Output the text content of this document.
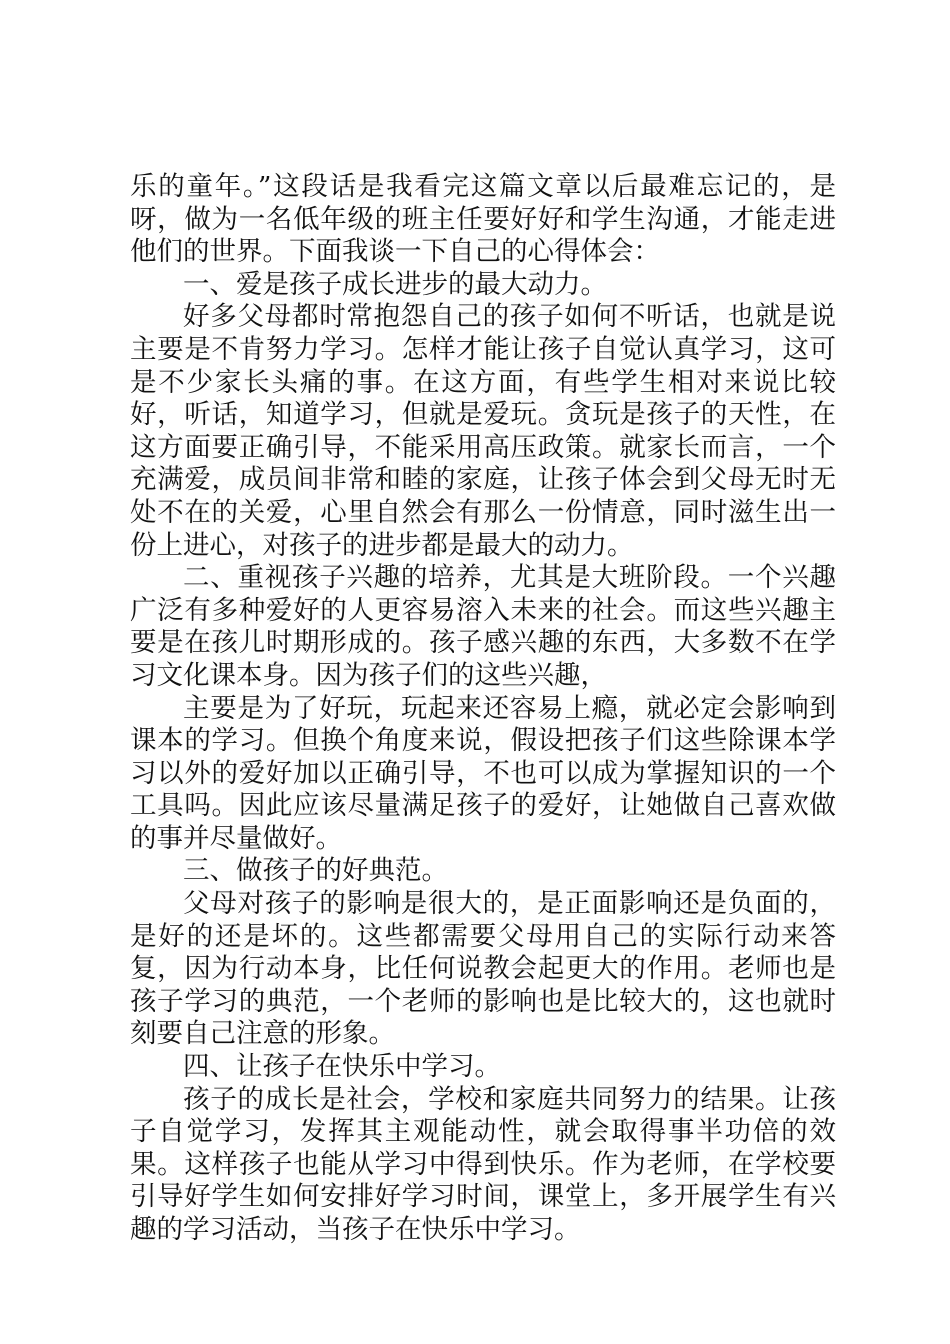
乐的童年。”这段话是我看完这篇文章以后最难忘记的，是呀，做为一名低年级的班主任要好好和学生沟通，才能走进他们的世界。下面我谈一下自己的心得体会：

一、爱是孩子成长进步的最大动力。

好多父母都时常抱怨自己的孩子如何不听话，也就是说主要是不肯努力学习。怎样才能让孩子自觉认真学习，这可是不少家长头痛的事。在这方面，有些学生相对来说比较好，听话，知道学习，但就是爱玩。贪玩是孩子的天性，在这方面要正确引导，不能采用高压政策。就家长而言，一个充满爱，成员间非常和睦的家庭，让孩子体会到父母无时无处不在的关爱，心里自然会有那么一份情意，同时滋生出一份上进心，对孩子的进步都是最大的动力。

二、重视孩子兴趣的培养，尤其是大班阶段。一个兴趣广泛有多种爱好的人更容易溶入未来的社会。而这些兴趣主要是在孩儿时期形成的。孩子感兴趣的东西，大多数不在学习文化课本身。因为孩子们的这些兴趣，

主要是为了好玩，玩起来还容易上瘾，就必定会影响到课本的学习。但换个角度来说，假设把孩子们这些除课本学习以外的爱好加以正确引导，不也可以成为掌握知识的一个工具吗。因此应该尽量满足孩子的爱好，让她做自己喜欢做的事并尽量做好。

三、做孩子的好典范。

父母对孩子的影响是很大的，是正面影响还是负面的，是好的还是坏的。这些都需要父母用自己的实际行动来答复，因为行动本身，比任何说教会起更大的作用。老师也是孩子学习的典范，一个老师的影响也是比较大的，这也就时刻要自己注意的形象。

四、让孩子在快乐中学习。

孩子的成长是社会，学校和家庭共同努力的结果。让孩子自觉学习，发挥其主观能动性，就会取得事半功倍的效果。这样孩子也能从学习中得到快乐。作为老师，在学校要引导好学生如何安排好学习时间，课堂上，多开展学生有兴趣的学习活动，当孩子在快乐中学习。
